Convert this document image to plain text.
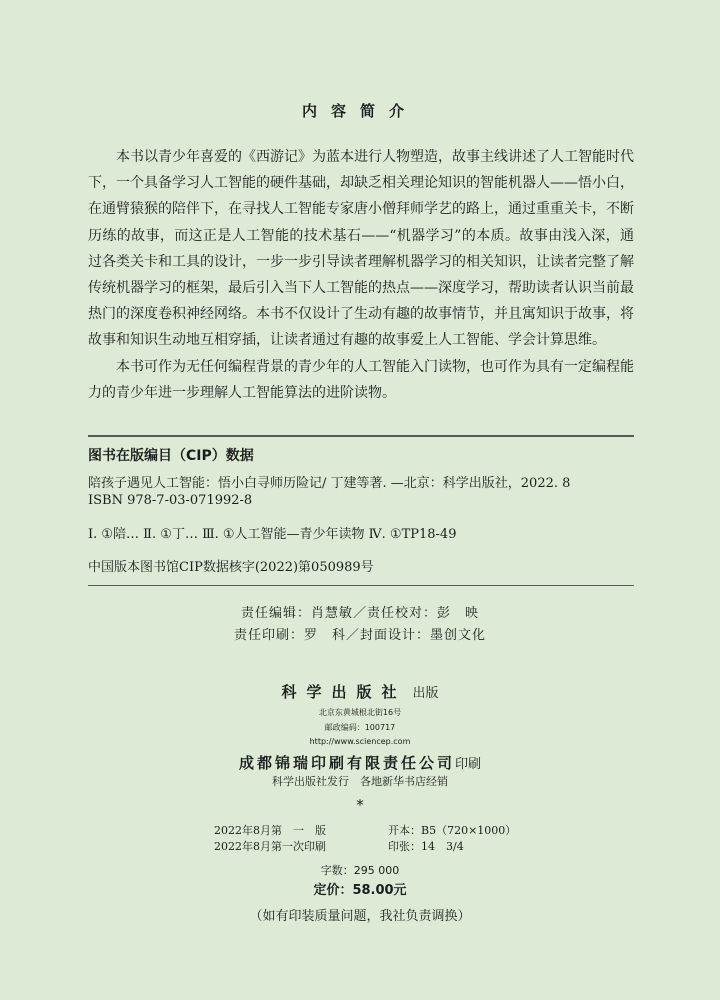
内容简介

本书以青少年喜爱的《西游记》为蓝本进行人物塑造，故事主线讲述了人工智能时代下，一个具备学习人工智能的硬件基础，却缺乏相关理论知识的智能机器人——悟小白，在通臂猿猴的陪伴下，在寻找人工智能专家唐小僧拜师学艺的路上，通过重重关卡，不断历练的故事，而这正是人工智能的技术基石——“机器学习”的本质。故事由浅入深，通过各类关卡和工具的设计，一步一步引导读者理解机器学习的相关知识，让读者完整了解传统机器学习的框架，最后引入当下人工智能的热点——深度学习，帮助读者认识当前最热门的深度卷积神经网络。本书不仅设计了生动有趣的故事情节，并且寓知识于故事，将故事和知识生动地互相穿插，让读者通过有趣的故事爱上人工智能、学会计算思维。

本书可作为无任何编程背景的青少年的人工智能入门读物，也可作为具有一定编程能力的青少年进一步理解人工智能算法的进阶读物。

图书在版编目（CIP）数据
陪孩子遇见人工智能：悟小白寻师历险记/ 丁建等著. —北京：科学出版社，2022. 8
ISBN 978-7-03-071992-8
Ⅰ. ①陪… Ⅱ. ①丁… Ⅲ. ①人工智能—青少年读物 Ⅳ. ①TP18-49
中国版本图书馆CIP数据核字(2022)第050989号
责任编辑：肖慧敏／责任校对：彭　映
责任印刷：罗　科／封面设计：墨创文化
科学出版社 出版
北京东黄城根北街16号
邮政编码：100717
http://www.sciencep.com
成都锦瑞印刷有限责任公司印刷
科学出版社发行　各地新华书店经销
*
2022年8月第　一　版
2022年8月第一次印刷
开本：B5（720×1000）
印张：14　3/4
字数：295 000
定价：58.00元
（如有印装质量问题，我社负责调换）
